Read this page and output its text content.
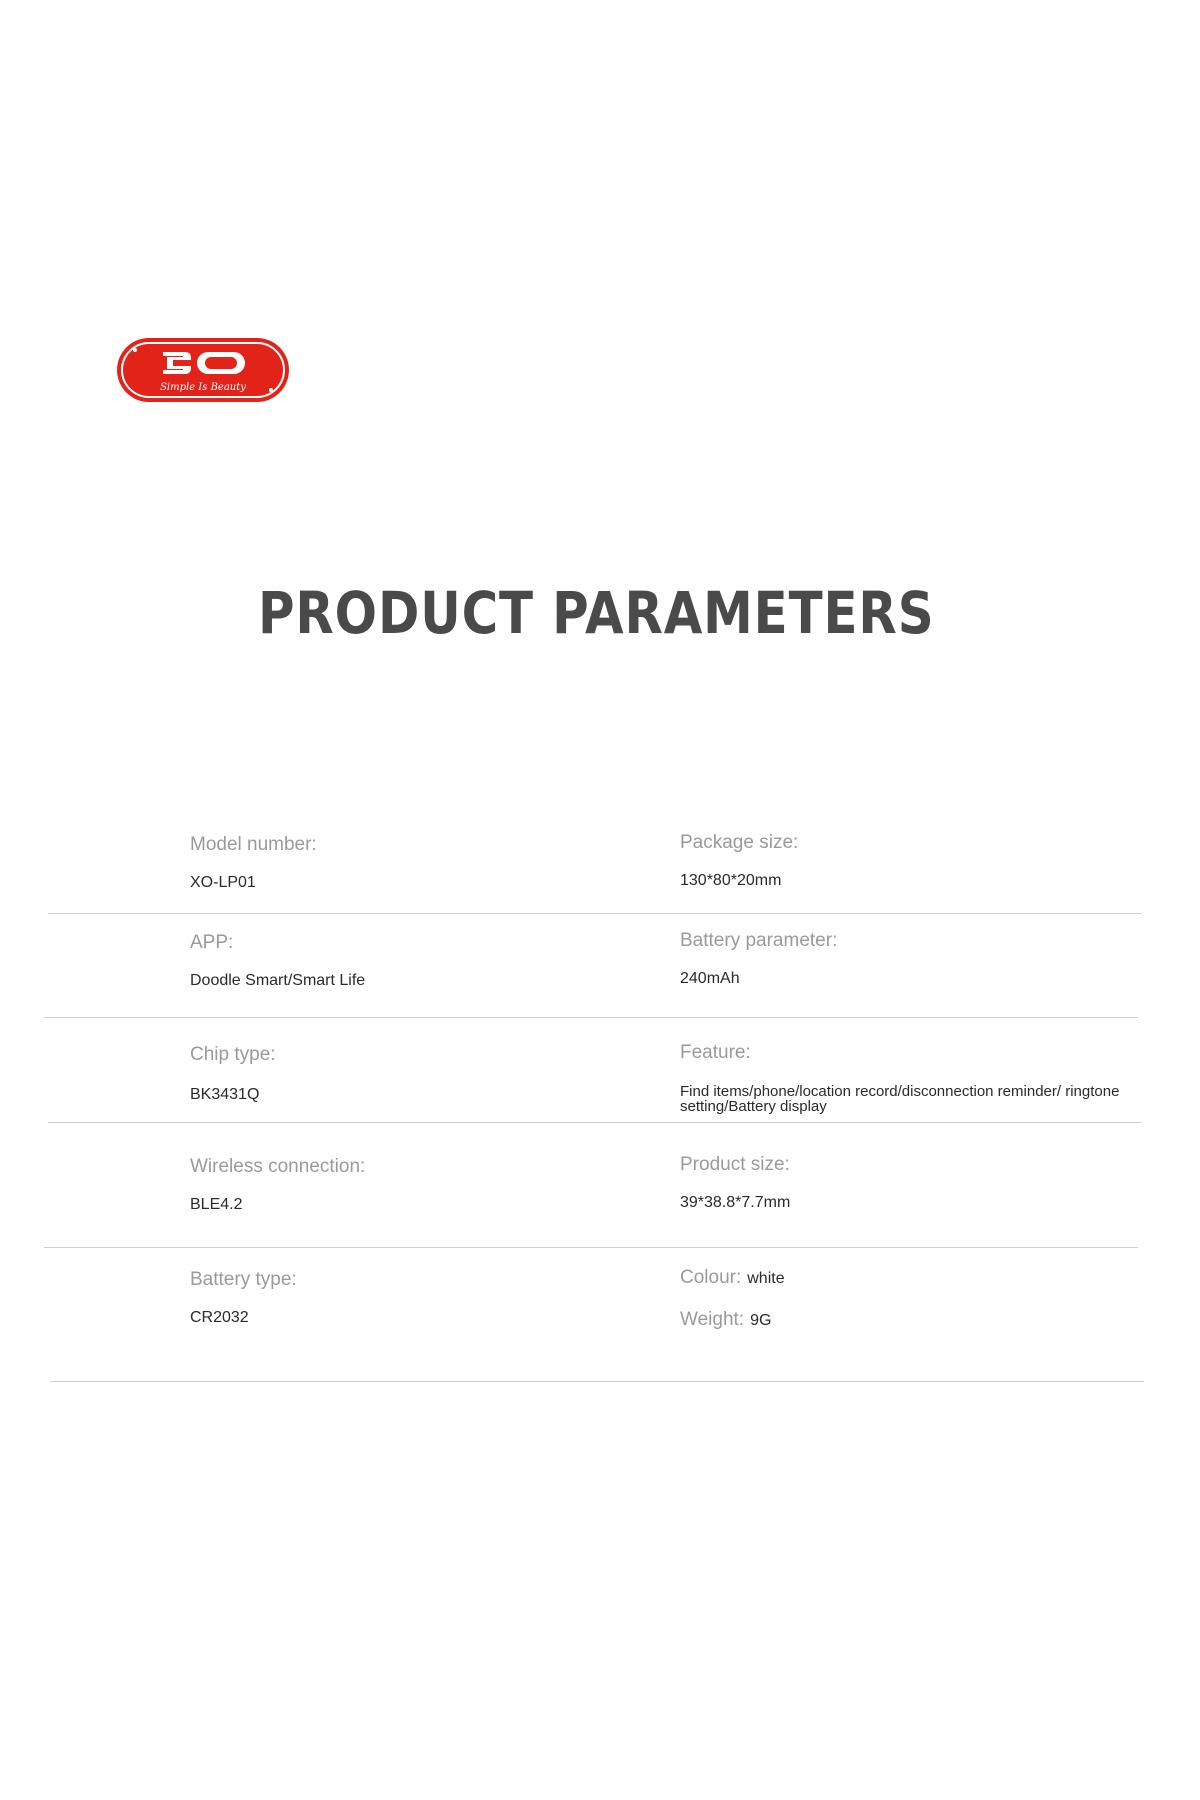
Simple Is Beauty
PRODUCT PARAMETERS
Model number:
XO-LP01
Package size:
130*80*20mm
APP:
Doodle Smart/Smart Life
Battery parameter:
240mAh
Chip type:
BK3431Q
Feature:
Find items/phone/location record/disconnection reminder/ ringtone setting/Battery display
Wireless connection:
BLE4.2
Product size:
39*38.8*7.7mm
Battery type:
CR2032
Colour: white
Weight: 9G
